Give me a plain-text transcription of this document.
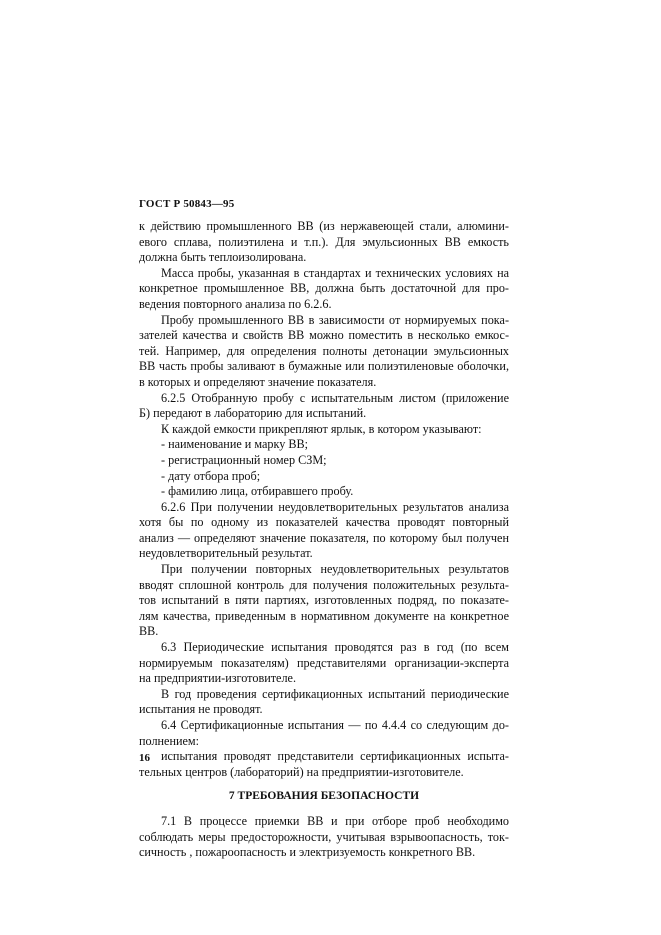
ГОСТ Р 50843—95
к действию промышленного ВВ (из нержавеющей стали, алюмини-
евого сплава, полиэтилена и т.п.). Для эмульсионных ВВ емкость
должна быть теплоизолирована.
Масса пробы, указанная в стандартах и технических условиях на
конкретное промышленное ВВ, должна быть достаточной для про-
ведения повторного анализа по 6.2.6.
Пробу промышленного ВВ в зависимости от нормируемых пока-
зателей качества и свойств ВВ можно поместить в несколько емкос-
тей. Например, для определения полноты детонации эмульсионных
ВВ часть пробы заливают в бумажные или полиэтиленовые оболочки,
в которых и определяют значение показателя.
6.2.5 Отобранную пробу с испытательным листом (приложение
Б) передают в лабораторию для испытаний.
К каждой емкости прикрепляют ярлык, в котором указывают:
- наименование и марку ВВ;
- регистрационный номер СЗМ;
- дату отбора проб;
- фамилию лица, отбиравшего пробу.
6.2.6 При получении неудовлетворительных результатов анализа
хотя бы по одному из показателей качества проводят повторный
анализ — определяют значение показателя, по которому был получен
неудовлетворительный результат.
При получении повторных неудовлетворительных результатов
вводят сплошной контроль для получения положительных результа-
тов испытаний в пяти партиях, изготовленных подряд, по показате-
лям качества, приведенным в нормативном документе на конкретное
ВВ.
6.3 Периодические испытания проводятся раз в год (по всем
нормируемым показателям) представителями организации-эксперта
на предприятии-изготовителе.
В год проведения сертификационных испытаний периодические
испытания не проводят.
6.4 Сертификационные испытания — по 4.4.4 со следующим до-
полнением:
испытания проводят представители сертификационных испыта-
тельных центров (лабораторий) на предприятии-изготовителе.
7 ТРЕБОВАНИЯ БЕЗОПАСНОСТИ
7.1 В процессе приемки ВВ и при отборе проб необходимо
соблюдать меры предосторожности, учитывая взрывоопасность, ток-
сичность , пожароопасность и электризуемость конкретного ВВ.
16
